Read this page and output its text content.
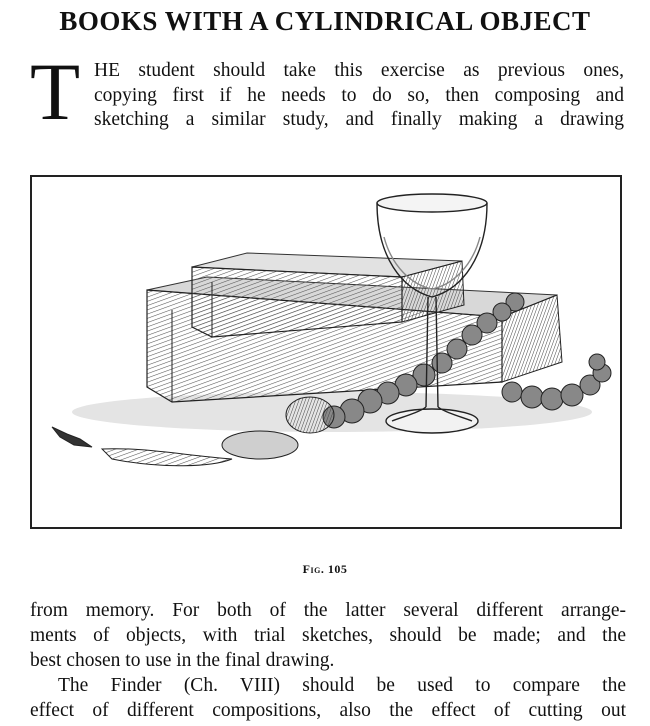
BOOKS WITH A CYLINDRICAL OBJECT
T HE student should take this exercise as previous ones,
copying first if he needs to do so, then composing and
sketching a similar study, and finally making a drawing

Fig. 105
from memory. For both of the latter several different arrange-
ments of objects, with trial sketches, should be made; and the
best chosen to use in the final drawing.
The Finder (Ch. VIII) should be used to compare the
effect of different compositions, also the effect of cutting out
